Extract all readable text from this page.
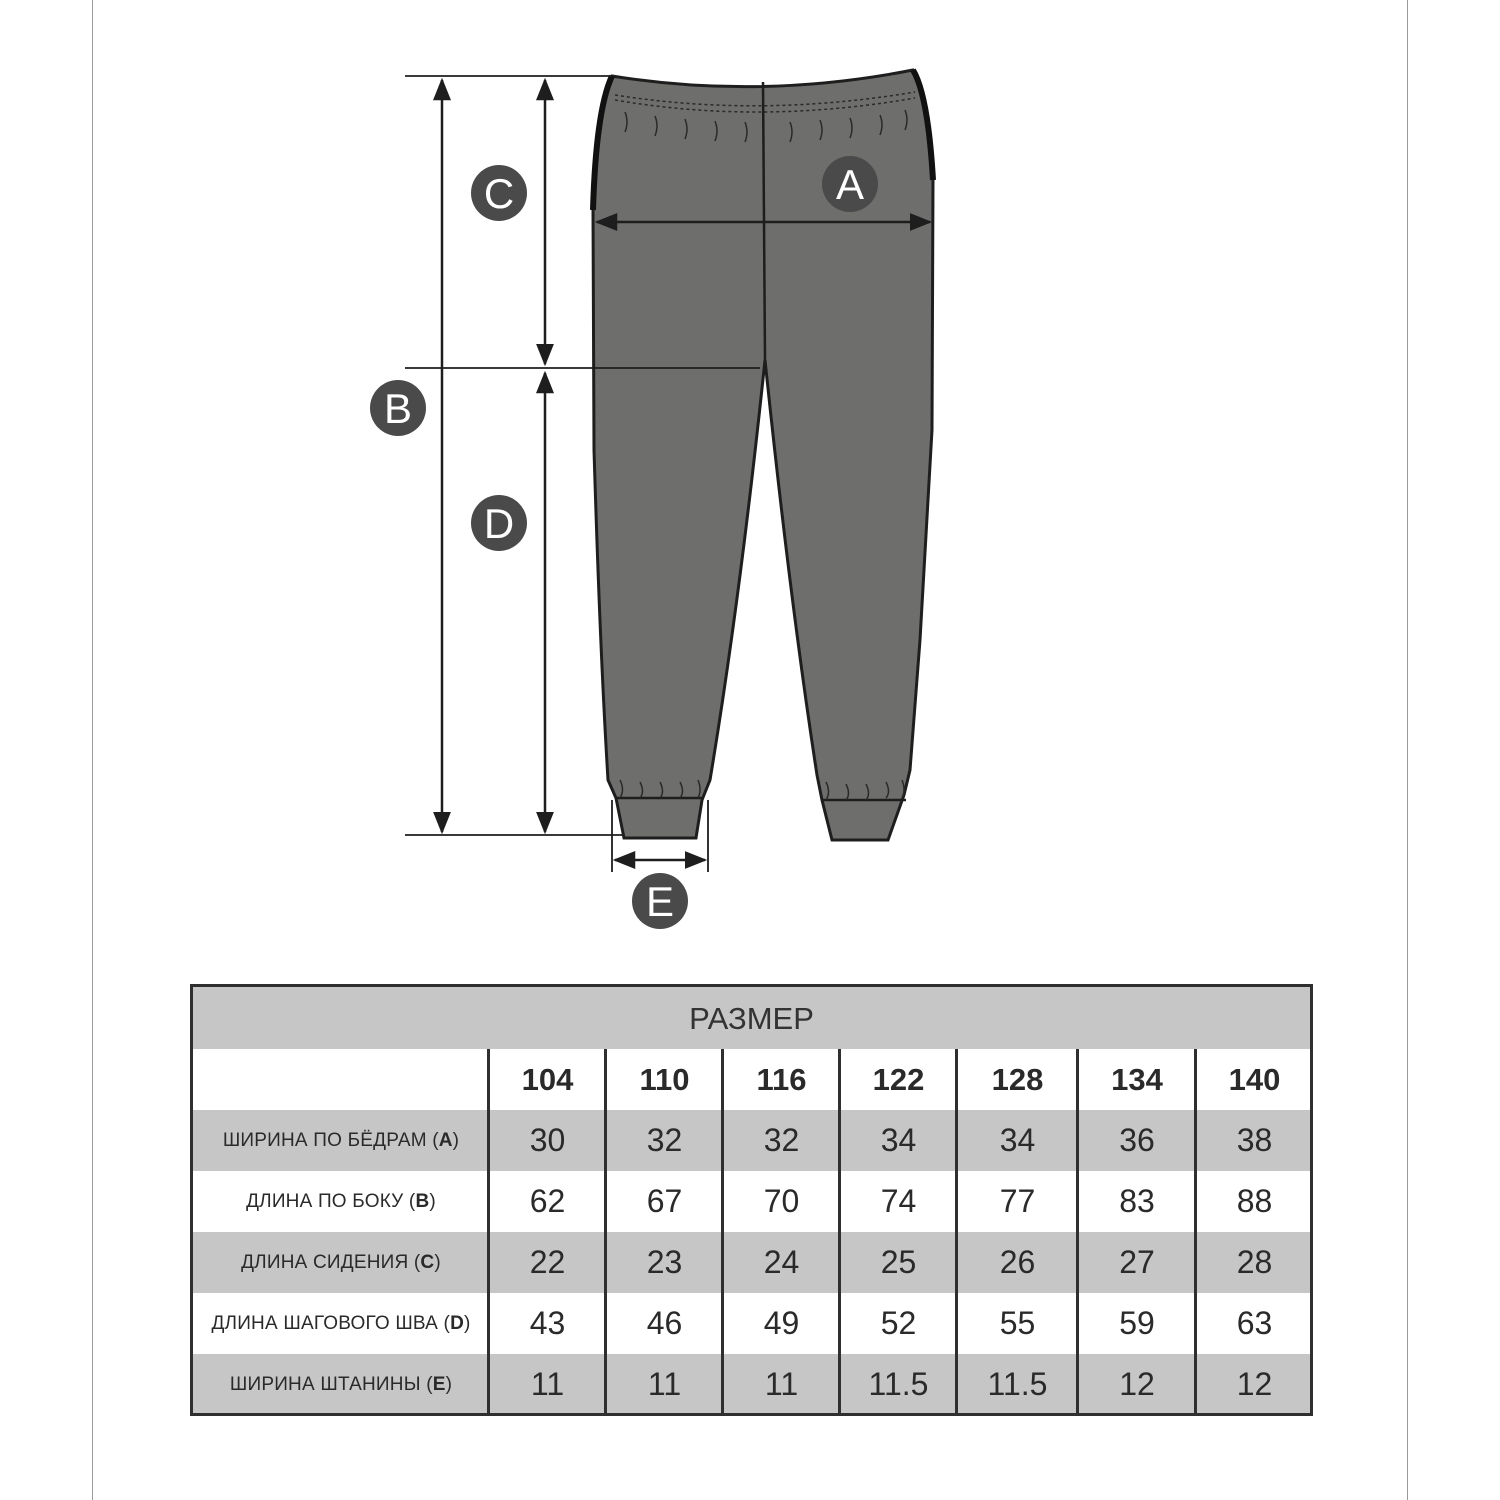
A
B
C
D
E
РАЗМЕР
104	110	116	122	128	134	140
ШИРИНА ПО БЁДРАМ ( A )	30	32	32	34	34	36	38
ДЛИНА ПО БОКУ ( B )	62	67	70	74	77	83	88
ДЛИНА СИДЕНИЯ ( C )	22	23	24	25	26	27	28
ДЛИНА ШАГОВОГО ШВА ( D )	43	46	49	52	55	59	63
ШИРИНА ШТАНИНЫ ( E )	11	11	11	11.5	11.5	12	12
